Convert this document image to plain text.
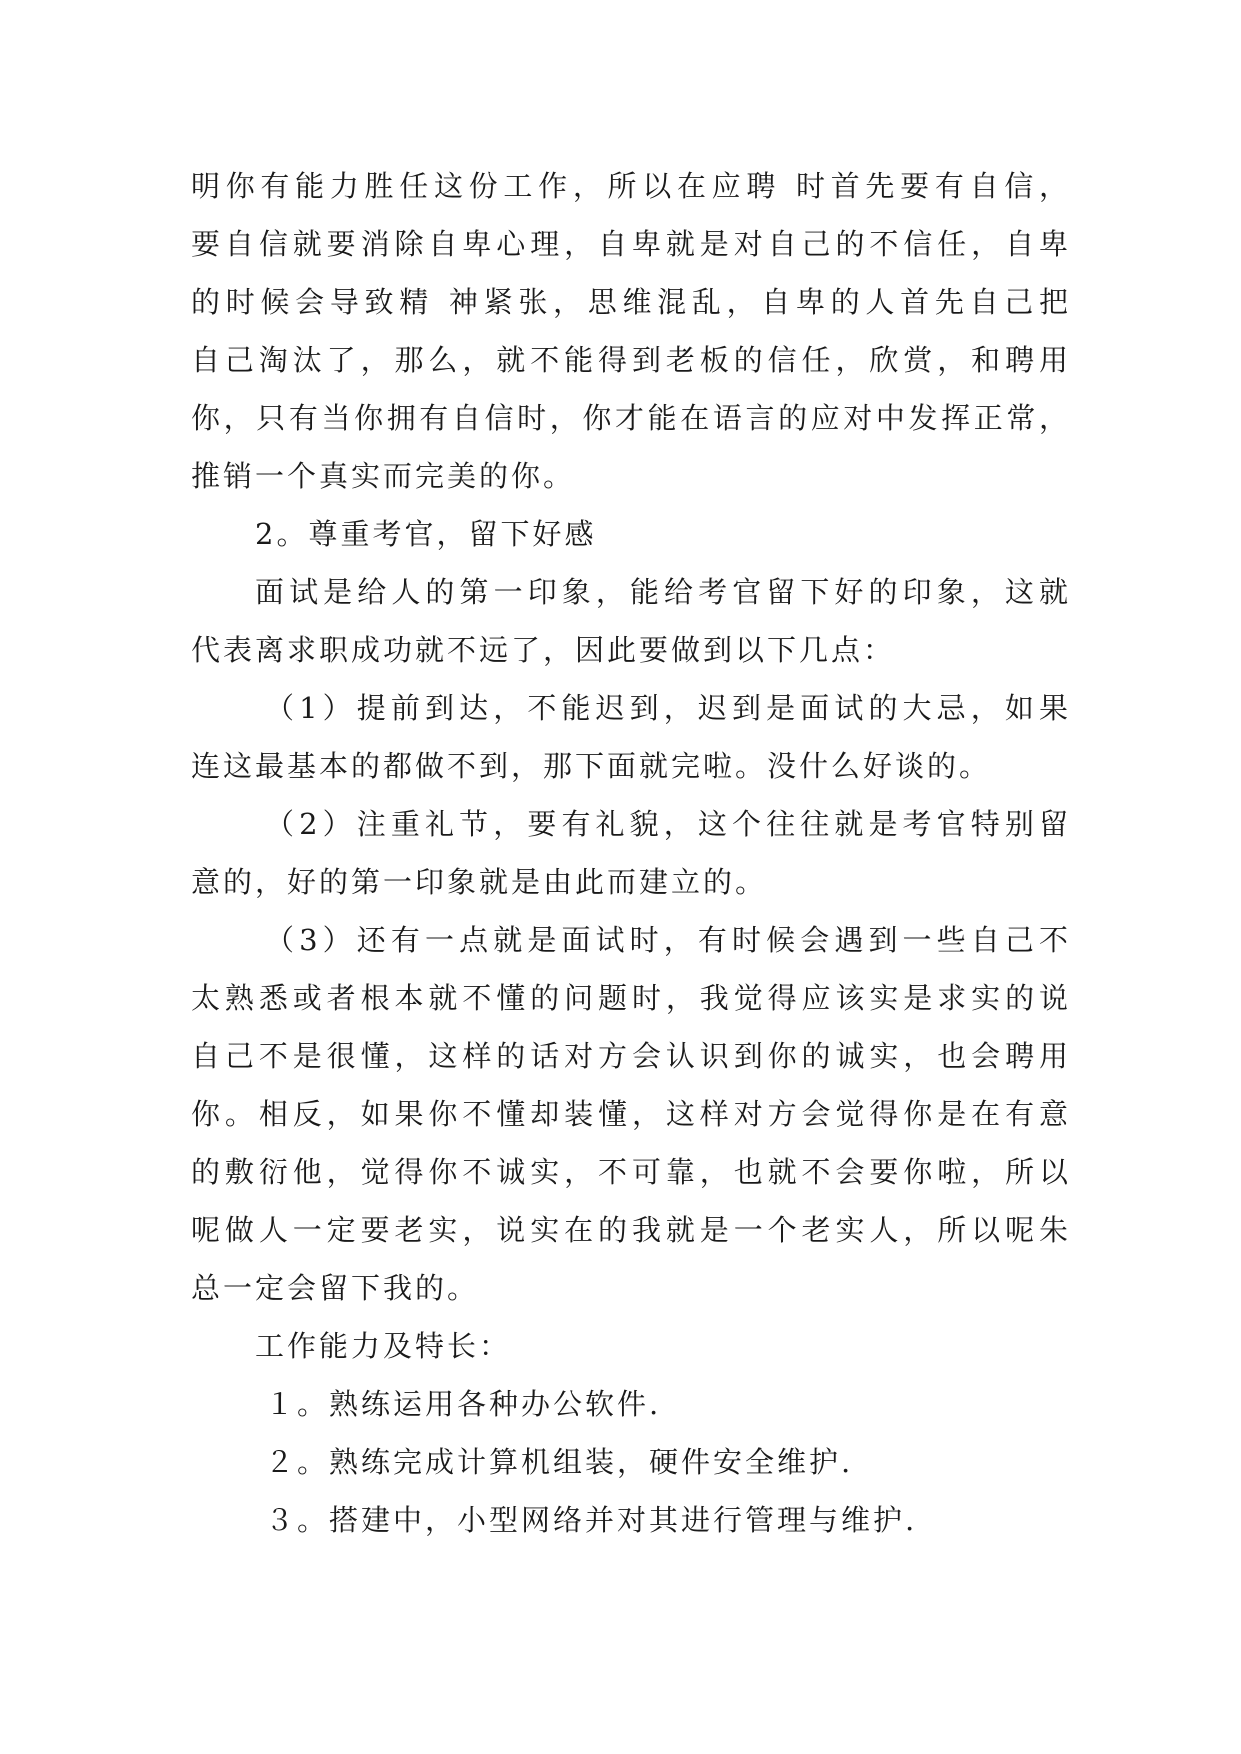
明你有能力胜任这份工作，所以在应聘 时首先要有自信，
要自信就要消除自卑心理，自卑就是对自己的不信任，自卑
的时候会导致精 神紧张，思维混乱，自卑的人首先自己把
自己淘汰了，那么，就不能得到老板的信任，欣赏，和聘用
你，只有当你拥有自信时，你才能在语言的应对中发挥正常，
推销一个真实而完美的你。
2。尊重考官，留下好感
面试是给人的第一印象，能给考官留下好的印象，这就
代表离求职成功就不远了，因此要做到以下几点：
（1）提前到达，不能迟到，迟到是面试的大忌，如果
连这最基本的都做不到，那下面就完啦。没什么好谈的。
（2）注重礼节，要有礼貌，这个往往就是考官特别留
意的，好的第一印象就是由此而建立的。
（3）还有一点就是面试时，有时候会遇到一些自己不
太熟悉或者根本就不懂的问题时，我觉得应该实是求实的说
自己不是很懂，这样的话对方会认识到你的诚实，也会聘用
你。相反，如果你不懂却装懂，这样对方会觉得你是在有意
的敷衍他，觉得你不诚实，不可靠，也就不会要你啦，所以
呢做人一定要老实，说实在的我就是一个老实人，所以呢朱
总一定会留下我的。
工作能力及特长：
１。熟练运用各种办公软件.
２。熟练完成计算机组装，硬件安全维护.
３。搭建中，小型网络并对其进行管理与维护.
